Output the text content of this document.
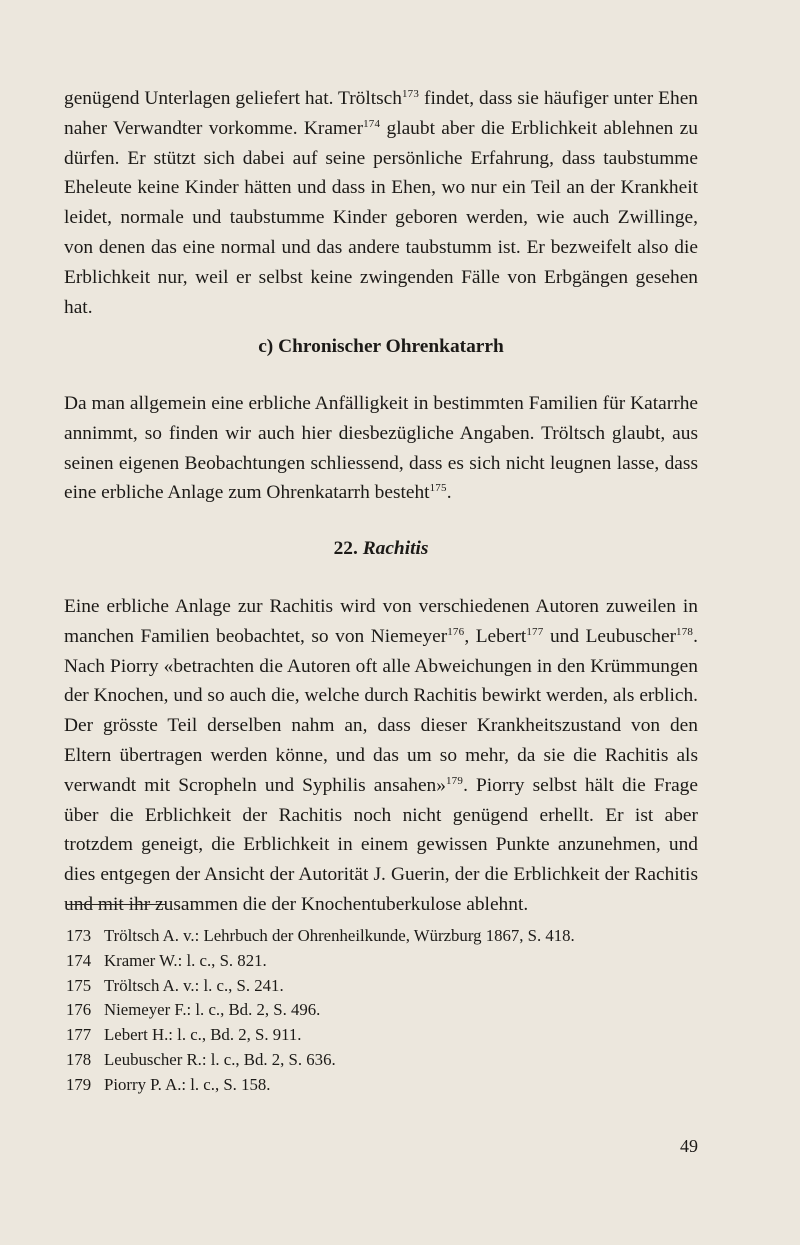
genügend Unterlagen geliefert hat. Tröltsch$^{173}$ findet, dass sie häufiger unter Ehen naher Verwandter vorkomme. Kramer$^{174}$ glaubt aber die Erblichkeit ablehnen zu dürfen. Er stützt sich dabei auf seine persönliche Erfahrung, dass taubstumme Eheleute keine Kinder hätten und dass in Ehen, wo nur ein Teil an der Krankheit leidet, normale und taubstumme Kinder geboren werden, wie auch Zwillinge, von denen das eine normal und das andere taubstumm ist. Er bezweifelt also die Erblichkeit nur, weil er selbst keine zwingenden Fälle von Erbgängen gesehen hat.

c) Chronischer Ohrenkatarrh

Da man allgemein eine erbliche Anfälligkeit in bestimmten Familien für Katarrhe annimmt, so finden wir auch hier diesbezügliche Angaben. Tröltsch glaubt, aus seinen eigenen Beobachtungen schliessend, dass es sich nicht leugnen lasse, dass eine erbliche Anlage zum Ohrenkatarrh besteht$^{175}$.

22. Rachitis

Eine erbliche Anlage zur Rachitis wird von verschiedenen Autoren zuweilen in manchen Familien beobachtet, so von Niemeyer$^{176}$, Lebert$^{177}$ und Leubuscher$^{178}$. Nach Piorry «betrachten die Autoren oft alle Abweichungen in den Krümmungen der Knochen, und so auch die, welche durch Rachitis bewirkt werden, als erblich. Der grösste Teil derselben nahm an, dass dieser Krankheitszustand von den Eltern übertragen werden könne, und das um so mehr, da sie die Rachitis als verwandt mit Scropheln und Syphilis ansahen»$^{179}$. Piorry selbst hält die Frage über die Erblichkeit der Rachitis noch nicht genügend erhellt. Er ist aber trotzdem geneigt, die Erblichkeit in einem gewissen Punkte anzunehmen, und dies entgegen der Ansicht der Autorität J. Guerin, der die Erblichkeit der Rachitis und mit ihr zusammen die der Knochentuberkulose ablehnt.

173 Tröltsch A. v.: Lehrbuch der Ohrenheilkunde, Würzburg 1867, S. 418.
174 Kramer W.: l. c., S. 821.
175 Tröltsch A. v.: l. c., S. 241.
176 Niemeyer F.: l. c., Bd. 2, S. 496.
177 Lebert H.: l. c., Bd. 2, S. 911.
178 Leubuscher R.: l. c., Bd. 2, S. 636.
179 Piorry P. A.: l. c., S. 158.
49
